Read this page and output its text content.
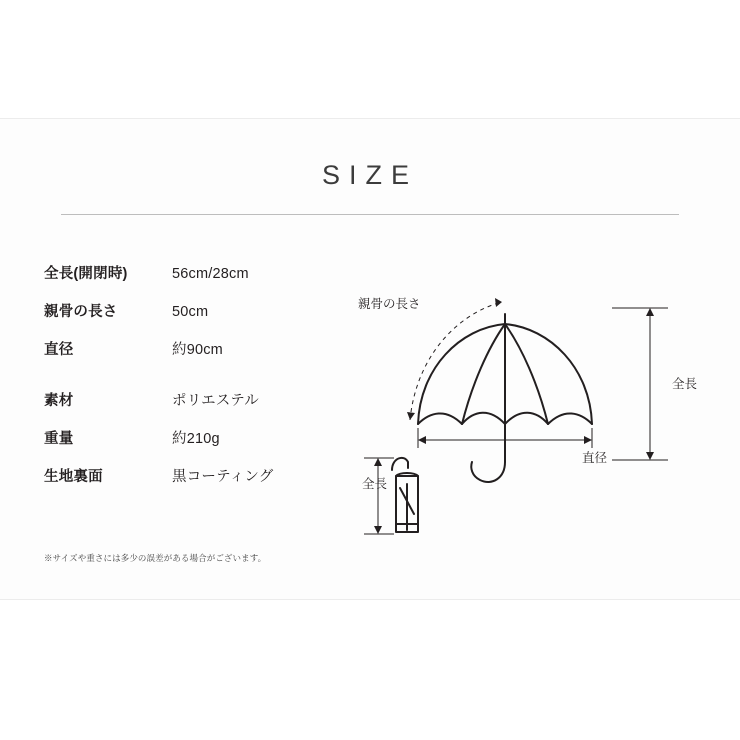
SIZE
全長(開閉時)	56cm/28cm
親骨の長さ	50cm
直径	約90cm
素材	ポリエステル
重量	約210g
生地裏面	黒コーティング
※サイズや重さには多少の誤差がある場合がございます。
親骨の長さ
全長
直径
全長
